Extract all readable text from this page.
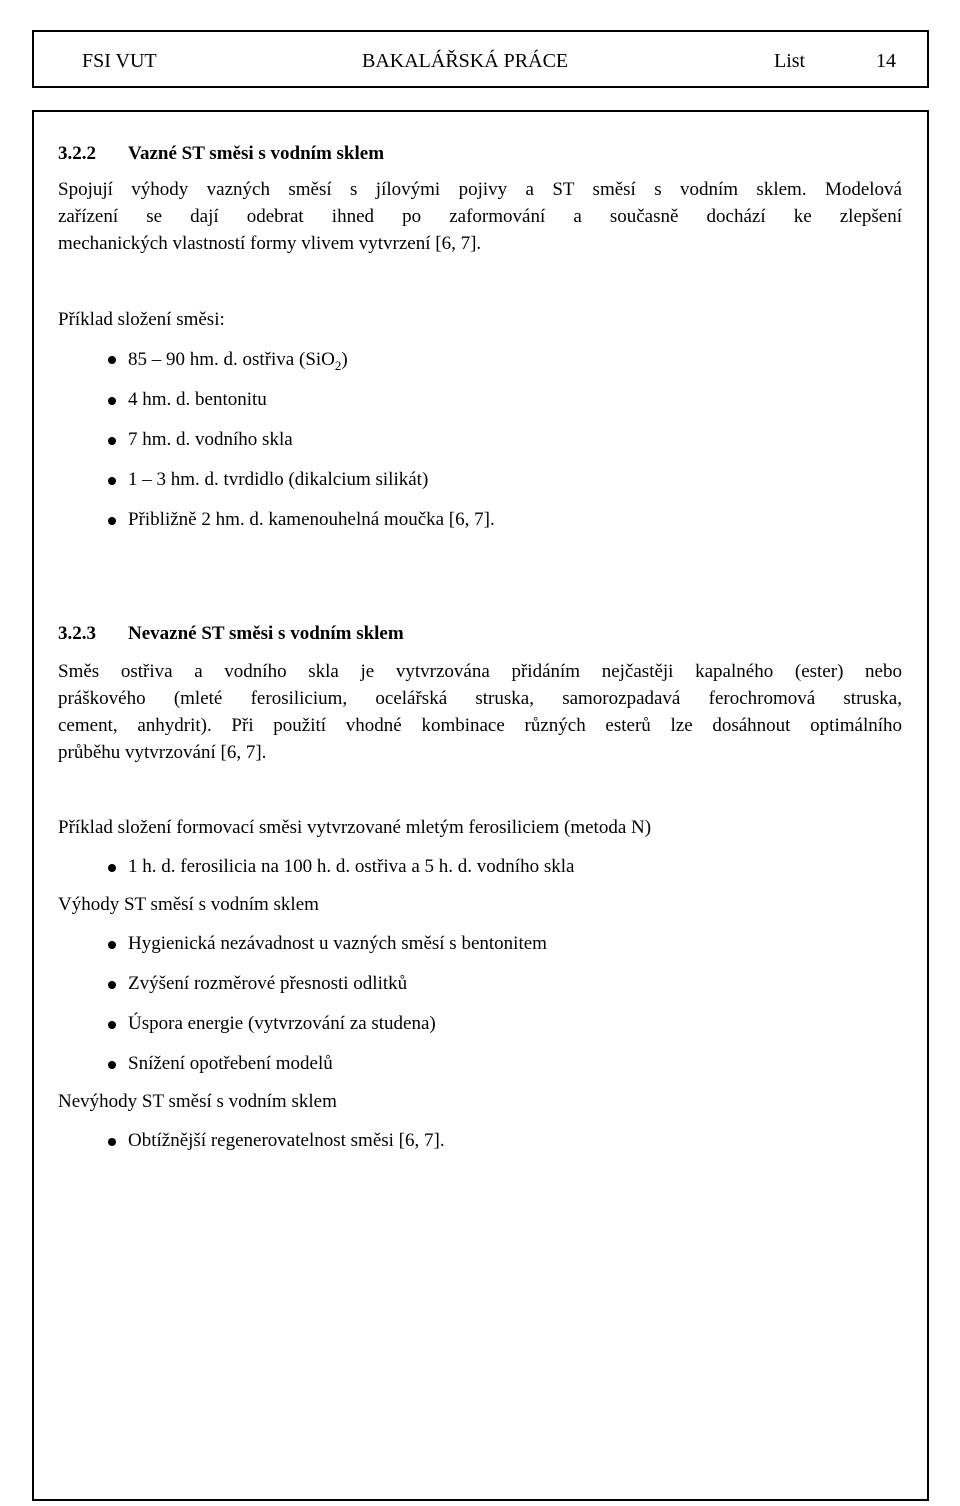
FSI VUT	BAKALÁŘSKÁ PRÁCE	List	14
3.2.2 Vazné ST směsi s vodním sklem
Spojují výhody vazných směsí s jílovými pojivy a ST směsí s vodním sklem. Modelová
zařízení se dají odebrat ihned po zaformování a současně dochází ke zlepšení
mechanických vlastností formy vlivem vytvrzení [6, 7].
Příklad složení směsi:
85 – 90 hm. d. ostřiva (SiO$_2$)
4 hm. d. bentonitu
7 hm. d. vodního skla
1 – 3 hm. d. tvrdidlo (dikalcium silikát)
Přibližně 2 hm. d. kamenouhelná moučka [6, 7].
3.2.3 Nevazné ST směsi s vodním sklem
Směs ostřiva a vodního skla je vytvrzována přidáním nejčastěji kapalného (ester) nebo
práškového (mleté ferosilicium, ocelářská struska, samorozpadavá ferochromová struska,
cement, anhydrit). Při použití vhodné kombinace různých esterů lze dosáhnout optimálního
průběhu vytvrzování [6, 7].
Příklad složení formovací směsi vytvrzované mletým ferosiliciem (metoda N)
1 h. d. ferosilicia na 100 h. d. ostřiva a 5 h. d. vodního skla
Výhody ST směsí s vodním sklem
Hygienická nezávadnost u vazných směsí s bentonitem
Zvýšení rozměrové přesnosti odlitků
Úspora energie (vytvrzování za studena)
Snížení opotřebení modelů
Nevýhody ST směsí s vodním sklem
Obtížnější regenerovatelnost směsi [6, 7].
